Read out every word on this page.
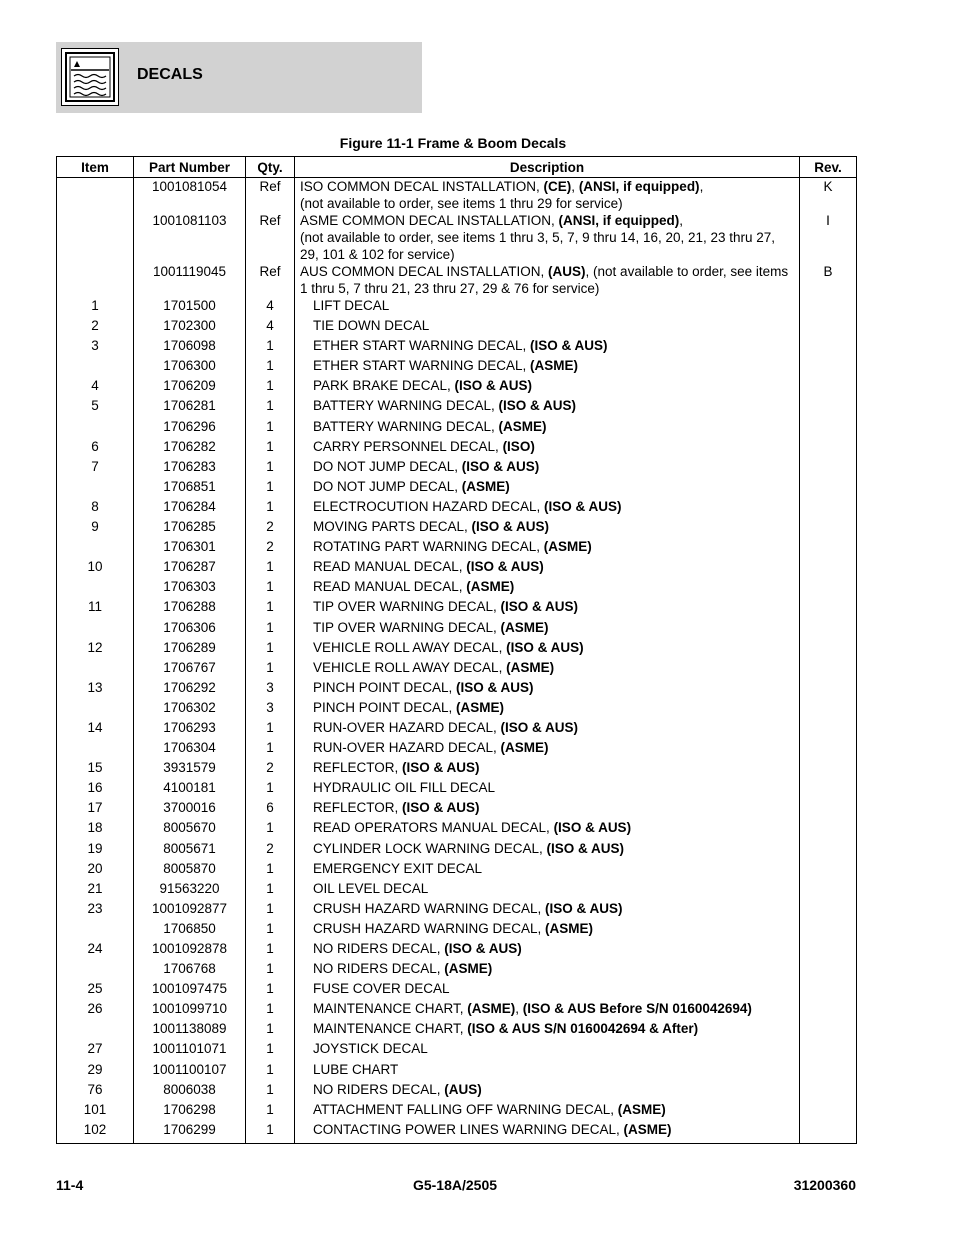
DECALS
Figure 11-1 Frame & Boom Decals
Item	Part Number	Qty.	Description	Rev.
	1001081054	Ref	ISO COMMON DECAL INSTALLATION, (CE), (ANSI, if equipped),
(not available to order, see items 1 thru 29 for service)	K
	1001081103	Ref	ASME COMMON DECAL INSTALLATION, (ANSI, if equipped),
(not available to order, see items 1 thru 3, 5, 7, 9 thru 14, 16, 20, 21, 23 thru 27, 29, 101 & 102 for service)	I
	1001119045	Ref	AUS COMMON DECAL INSTALLATION, (AUS), (not available to order, see items 1 thru 5, 7 thru 21, 23 thru 27, 29 & 76 for service)	B
1	1701500	4	LIFT DECAL	
2	1702300	4	TIE DOWN DECAL	
3	1706098	1	ETHER START WARNING DECAL, (ISO & AUS)	
	1706300	1	ETHER START WARNING DECAL, (ASME)	
4	1706209	1	PARK BRAKE DECAL, (ISO & AUS)	
5	1706281	1	BATTERY WARNING DECAL, (ISO & AUS)	
	1706296	1	BATTERY WARNING DECAL, (ASME)	
6	1706282	1	CARRY PERSONNEL DECAL, (ISO)	
7	1706283	1	DO NOT JUMP DECAL, (ISO & AUS)	
	1706851	1	DO NOT JUMP DECAL, (ASME)	
8	1706284	1	ELECTROCUTION HAZARD DECAL, (ISO & AUS)	
9	1706285	2	MOVING PARTS DECAL, (ISO & AUS)	
	1706301	2	ROTATING PART WARNING DECAL, (ASME)	
10	1706287	1	READ MANUAL DECAL, (ISO & AUS)	
	1706303	1	READ MANUAL DECAL, (ASME)	
11	1706288	1	TIP OVER WARNING DECAL, (ISO & AUS)	
	1706306	1	TIP OVER WARNING DECAL, (ASME)	
12	1706289	1	VEHICLE ROLL AWAY DECAL, (ISO & AUS)	
	1706767	1	VEHICLE ROLL AWAY DECAL, (ASME)	
13	1706292	3	PINCH POINT DECAL, (ISO & AUS)	
	1706302	3	PINCH POINT DECAL, (ASME)	
14	1706293	1	RUN-OVER HAZARD DECAL, (ISO & AUS)	
	1706304	1	RUN-OVER HAZARD DECAL, (ASME)	
15	3931579	2	REFLECTOR, (ISO & AUS)	
16	4100181	1	HYDRAULIC OIL FILL DECAL	
17	3700016	6	REFLECTOR, (ISO & AUS)	
18	8005670	1	READ OPERATORS MANUAL DECAL, (ISO & AUS)	
19	8005671	2	CYLINDER LOCK WARNING DECAL, (ISO & AUS)	
20	8005870	1	EMERGENCY EXIT DECAL	
21	91563220	1	OIL LEVEL DECAL	
23	1001092877	1	CRUSH HAZARD WARNING DECAL, (ISO & AUS)	
	1706850	1	CRUSH HAZARD WARNING DECAL, (ASME)	
24	1001092878	1	NO RIDERS DECAL, (ISO & AUS)	
	1706768	1	NO RIDERS DECAL, (ASME)	
25	1001097475	1	FUSE COVER DECAL	
26	1001099710	1	MAINTENANCE CHART, (ASME), (ISO & AUS Before S/N 0160042694)	
	1001138089	1	MAINTENANCE CHART, (ISO & AUS S/N 0160042694 & After)	
27	1001101071	1	JOYSTICK DECAL	
29	1001100107	1	LUBE CHART	
76	8006038	1	NO RIDERS DECAL, (AUS)	
101	1706298	1	ATTACHMENT FALLING OFF WARNING DECAL, (ASME)	
102	1706299	1	CONTACTING POWER LINES WARNING DECAL, (ASME)	
11-4	G5-18A/2505	31200360
